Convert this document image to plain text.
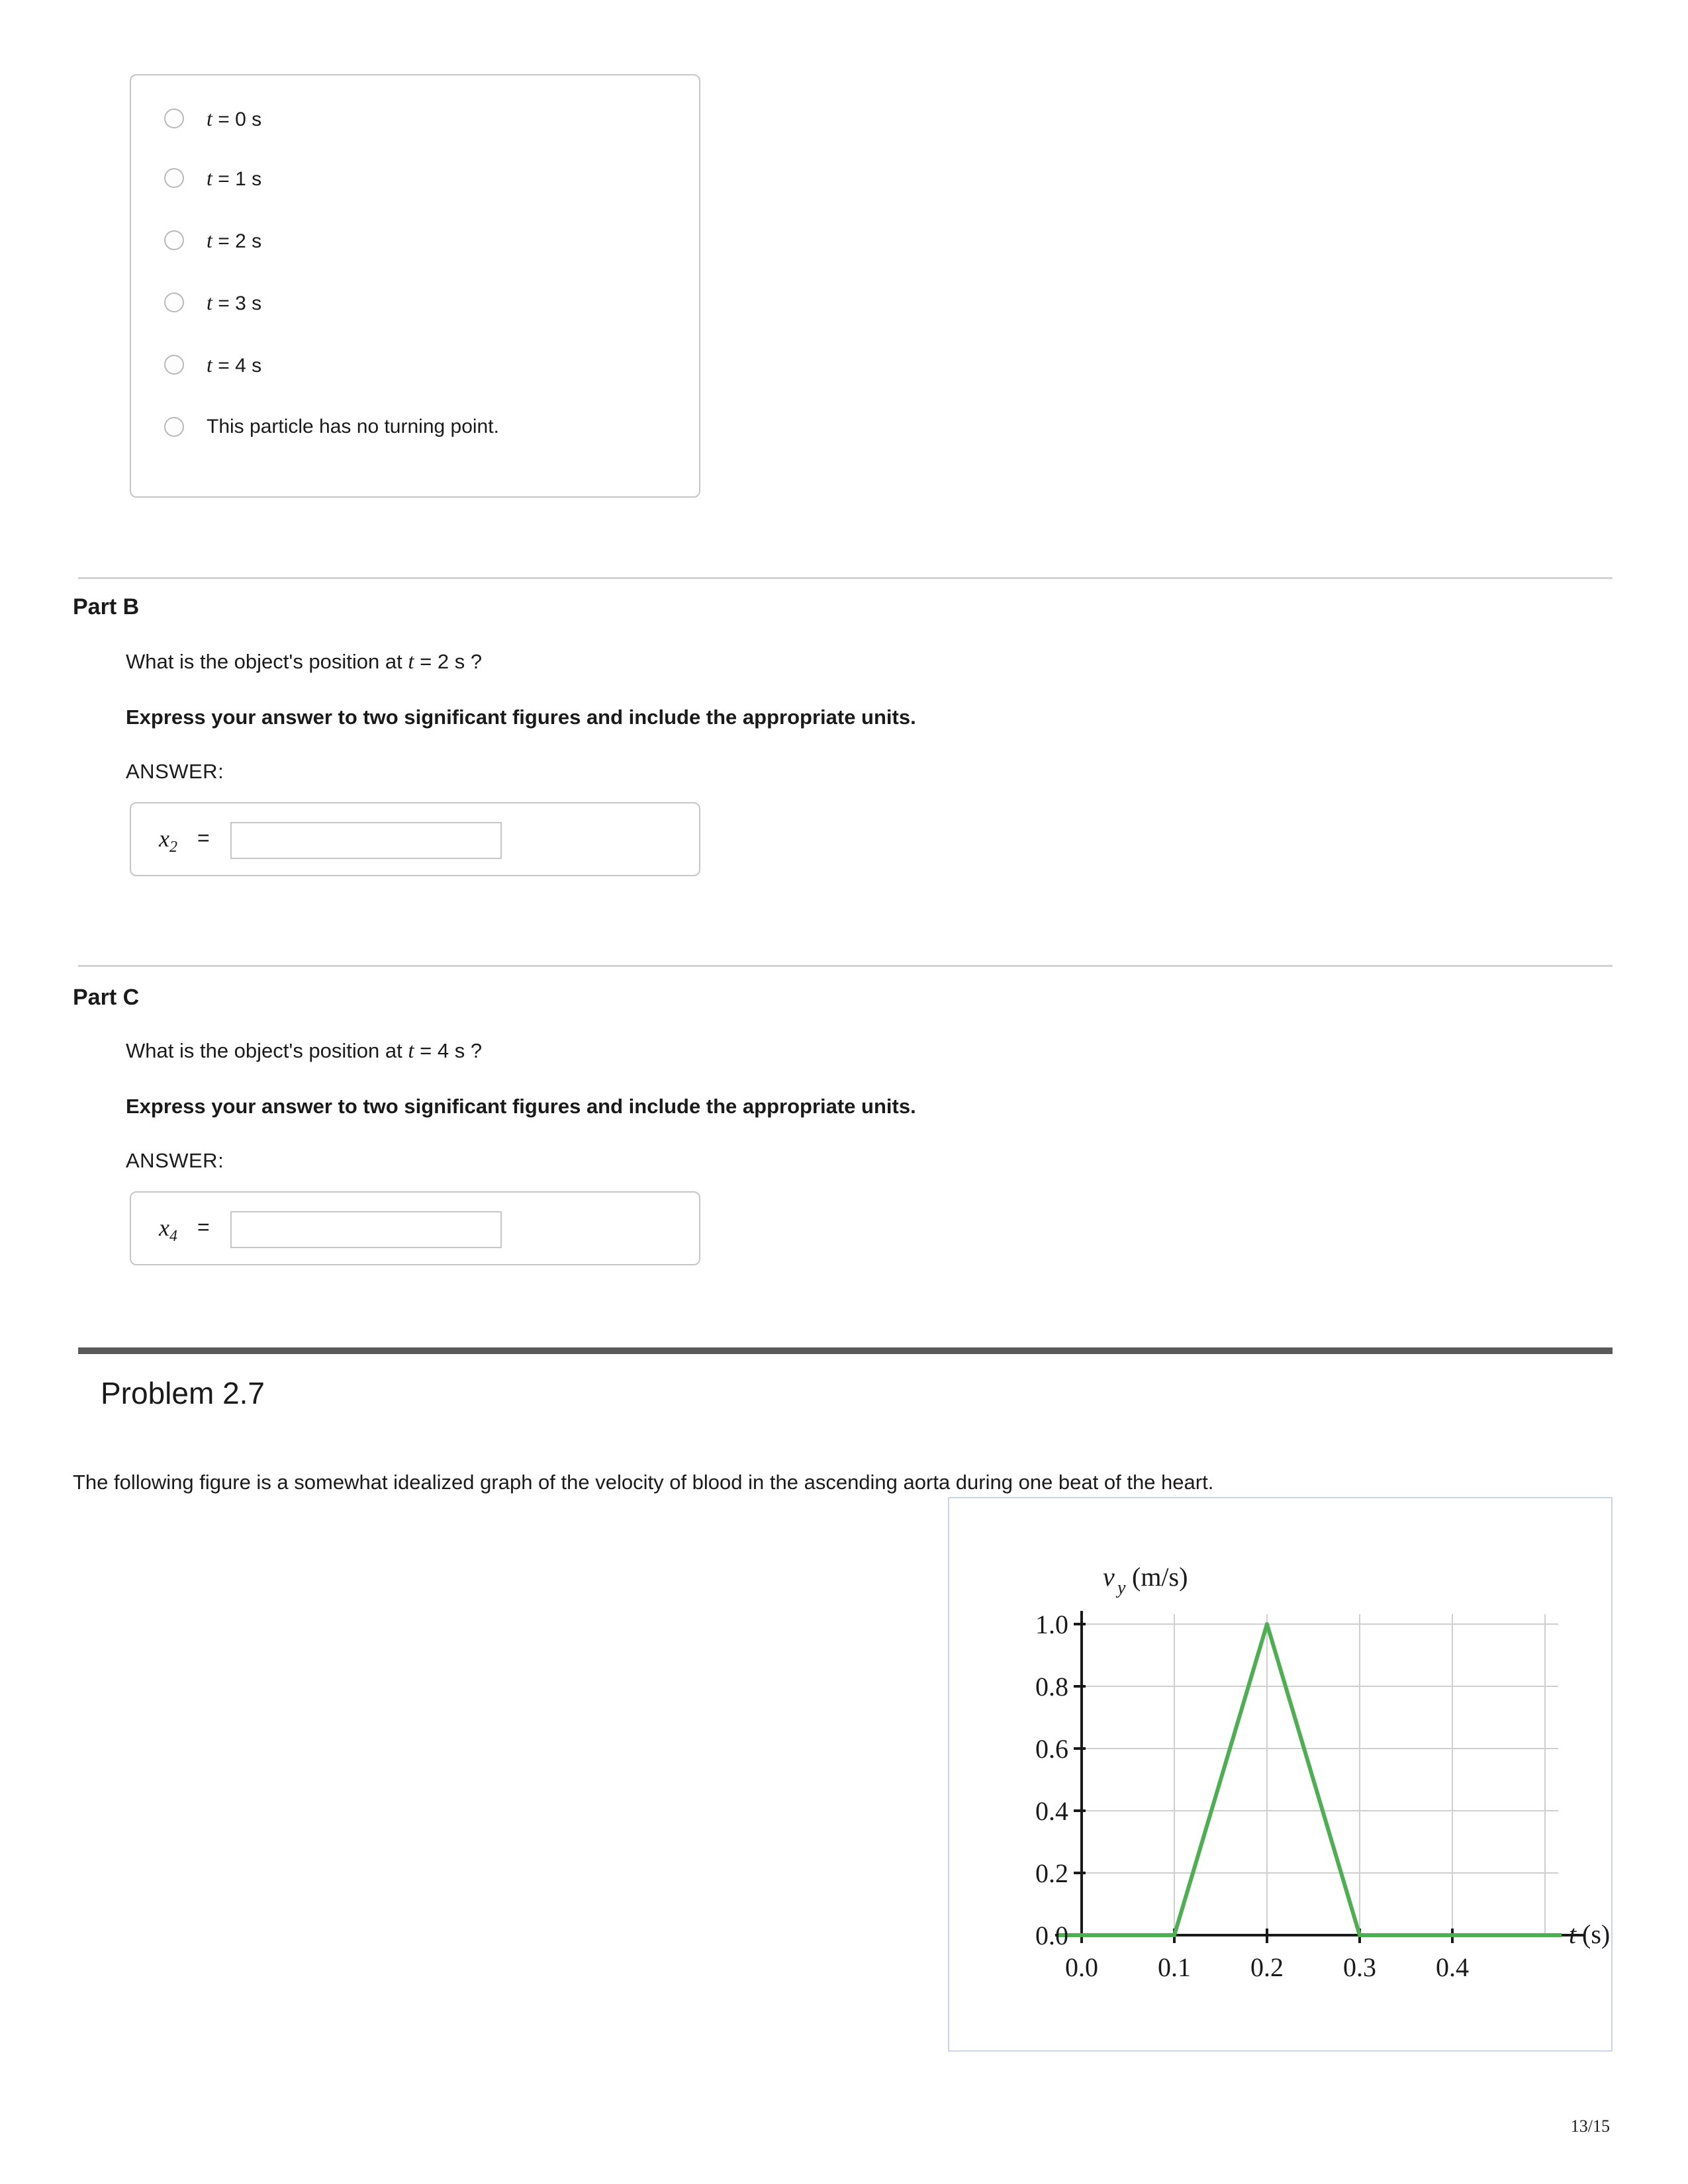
t = 0 s
t = 1 s
t = 2 s
t = 3 s
t = 4 s
This particle has no turning point.
Part B
What is the object's position at t = 2 s ?
Express your answer to two significant figures and include the appropriate units.
ANSWER:
$x_2$ =
Part C
What is the object's position at t = 4 s ?
Express your answer to two significant figures and include the appropriate units.
ANSWER:
$x_4$ =
Problem 2.7
The following figure is a somewhat idealized graph of the velocity of blood in the ascending aorta during one beat of the heart.
v y (m/s)
t (s)
1.0
0.8
0.6
0.4
0.2
0.0
0.0 0.1 0.2 0.3 0.4
13/15
